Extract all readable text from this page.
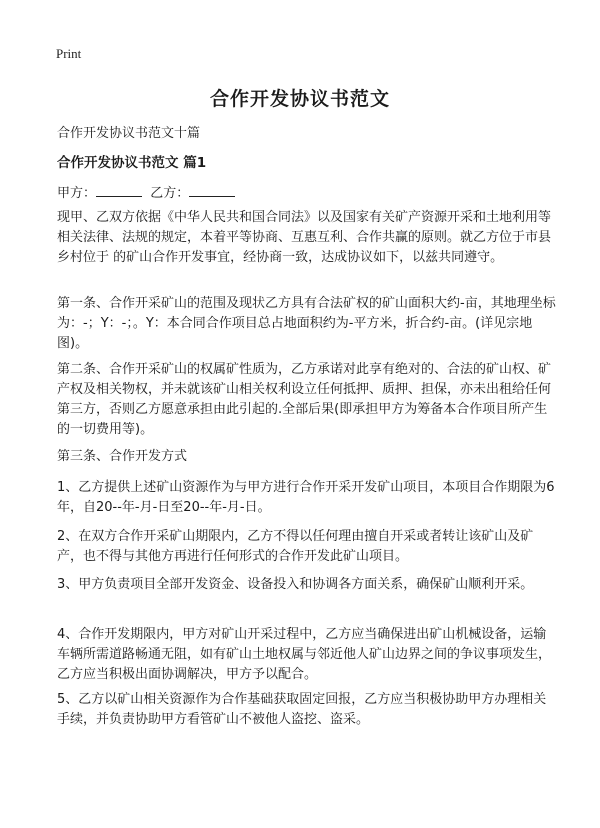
Print
合作开发协议书范文
合作开发协议书范文十篇
合作开发协议书范文 篇1
甲方：	乙方：
现甲、乙双方依据《中华人民共和国合同法》以及国家有关矿产资源开采和土地利用等相关法律、法规的规定，本着平等协商、互惠互利、合作共赢的原则。就乙方位于市县乡村位于 的矿山合作开发事宜，经协商一致，达成协议如下，以兹共同遵守。
第一条、合作开采矿山的范围及现状乙方具有合法矿权的矿山面积大约-亩，其地理坐标为：-；Y：-；。Y：本合同合作项目总占地面积约为-平方米，折合约-亩。(详见宗地图)。
第二条、合作开采矿山的权属矿性质为，乙方承诺对此享有绝对的、合法的矿山权、矿产权及相关物权，并未就该矿山相关权利设立任何抵押、质押、担保，亦未出租给任何第三方，否则乙方愿意承担由此引起的.全部后果(即承担甲方为筹备本合作项目所产生的一切费用等)。
第三条、合作开发方式
1、乙方提供上述矿山资源作为与甲方进行合作开采开发矿山项目，本项目合作期限为6年，自20--年-月-日至20--年-月-日。
2、在双方合作开采矿山期限内，乙方不得以任何理由擅自开采或者转让该矿山及矿产，也不得与其他方再进行任何形式的合作开发此矿山项目。
3、甲方负责项目全部开发资金、设备投入和协调各方面关系，确保矿山顺利开采。
4、合作开发期限内，甲方对矿山开采过程中，乙方应当确保进出矿山机械设备，运输车辆所需道路畅通无阻，如有矿山土地权属与邻近他人矿山边界之间的争议事项发生，乙方应当积极出面协调解决，甲方予以配合。
5、乙方以矿山相关资源作为合作基础获取固定回报，乙方应当积极协助甲方办理相关手续，并负责协助甲方看管矿山不被他人盗挖、盗采。
